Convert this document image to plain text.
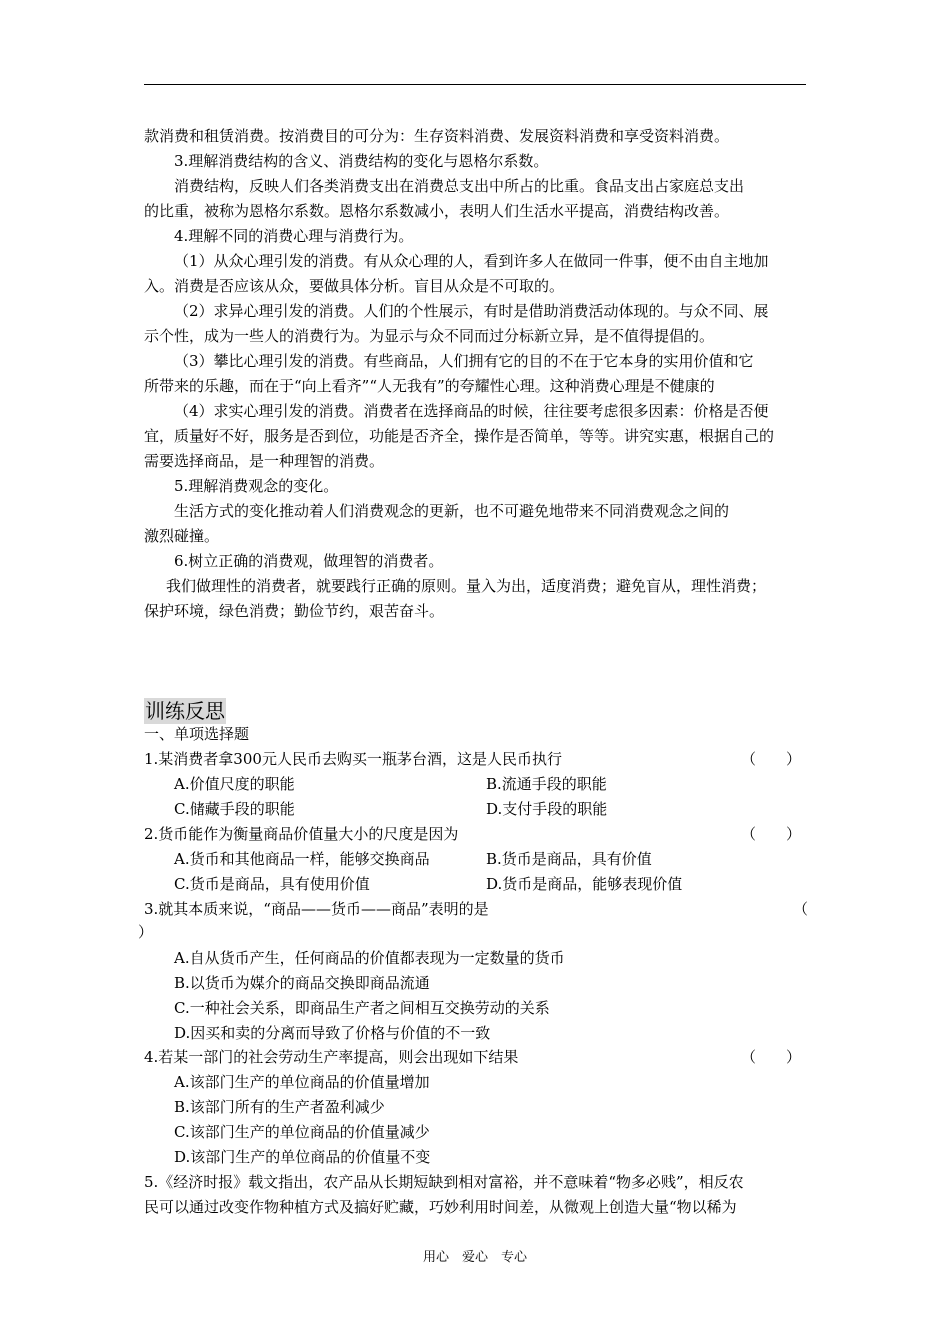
款消费和租赁消费。按消费目的可分为：生存资料消费、发展资料消费和享受资料消费。
3.理解消费结构的含义、消费结构的变化与恩格尔系数。
消费结构，反映人们各类消费支出在消费总支出中所占的比重。食品支出占家庭总支出
的比重，被称为恩格尔系数。恩格尔系数减小，表明人们生活水平提高，消费结构改善。
4.理解不同的消费心理与消费行为。
（1）从众心理引发的消费。有从众心理的人，看到许多人在做同一件事，便不由自主地加
入。消费是否应该从众，要做具体分析。盲目从众是不可取的。
（2）求异心理引发的消费。人们的个性展示，有时是借助消费活动体现的。与众不同、展
示个性，成为一些人的消费行为。为显示与众不同而过分标新立异，是不值得提倡的。
（3）攀比心理引发的消费。有些商品，人们拥有它的目的不在于它本身的实用价值和它
所带来的乐趣，而在于“向上看齐”“人无我有”的夸耀性心理。这种消费心理是不健康的
（4）求实心理引发的消费。消费者在选择商品的时候，往往要考虑很多因素：价格是否便
宜，质量好不好，服务是否到位，功能是否齐全，操作是否简单，等等。讲究实惠，根据自己的
需要选择商品，是一种理智的消费。
5.理解消费观念的变化。
生活方式的变化推动着人们消费观念的更新，也不可避免地带来不同消费观念之间的
激烈碰撞。
6.树立正确的消费观，做理智的消费者。
我们做理性的消费者，就要践行正确的原则。量入为出，适度消费；避免盲从，理性消费；
保护环境，绿色消费；勤俭节约，艰苦奋斗。
训练反思
一、单项选择题
1.某消费者拿300元人民币去购买一瓶茅台酒，这是人民币执行	（　　）
A.价值尺度的职能	B.流通手段的职能
C.储藏手段的职能	D.支付手段的职能
2.货币能作为衡量商品价值量大小的尺度是因为	（　　）
A.货币和其他商品一样，能够交换商品	B.货币是商品，具有价值
C.货币是商品，具有使用价值	D.货币是商品，能够表现价值
3.就其本质来说，“商品——货币——商品”表明的是	（
）
A.自从货币产生，任何商品的价值都表现为一定数量的货币
B.以货币为媒介的商品交换即商品流通
C.一种社会关系，即商品生产者之间相互交换劳动的关系
D.因买和卖的分离而导致了价格与价值的不一致
4.若某一部门的社会劳动生产率提高，则会出现如下结果	（　　）
A.该部门生产的单位商品的价值量增加
B.该部门所有的生产者盈利减少
C.该部门生产的单位商品的价值量减少
D.该部门生产的单位商品的价值量不变
5.《经济时报》载文指出，农产品从长期短缺到相对富裕，并不意味着“物多必贱”，相反农
民可以通过改变作物种植方式及搞好贮藏，巧妙利用时间差，从微观上创造大量“物以稀为
用心　爱心　专心
